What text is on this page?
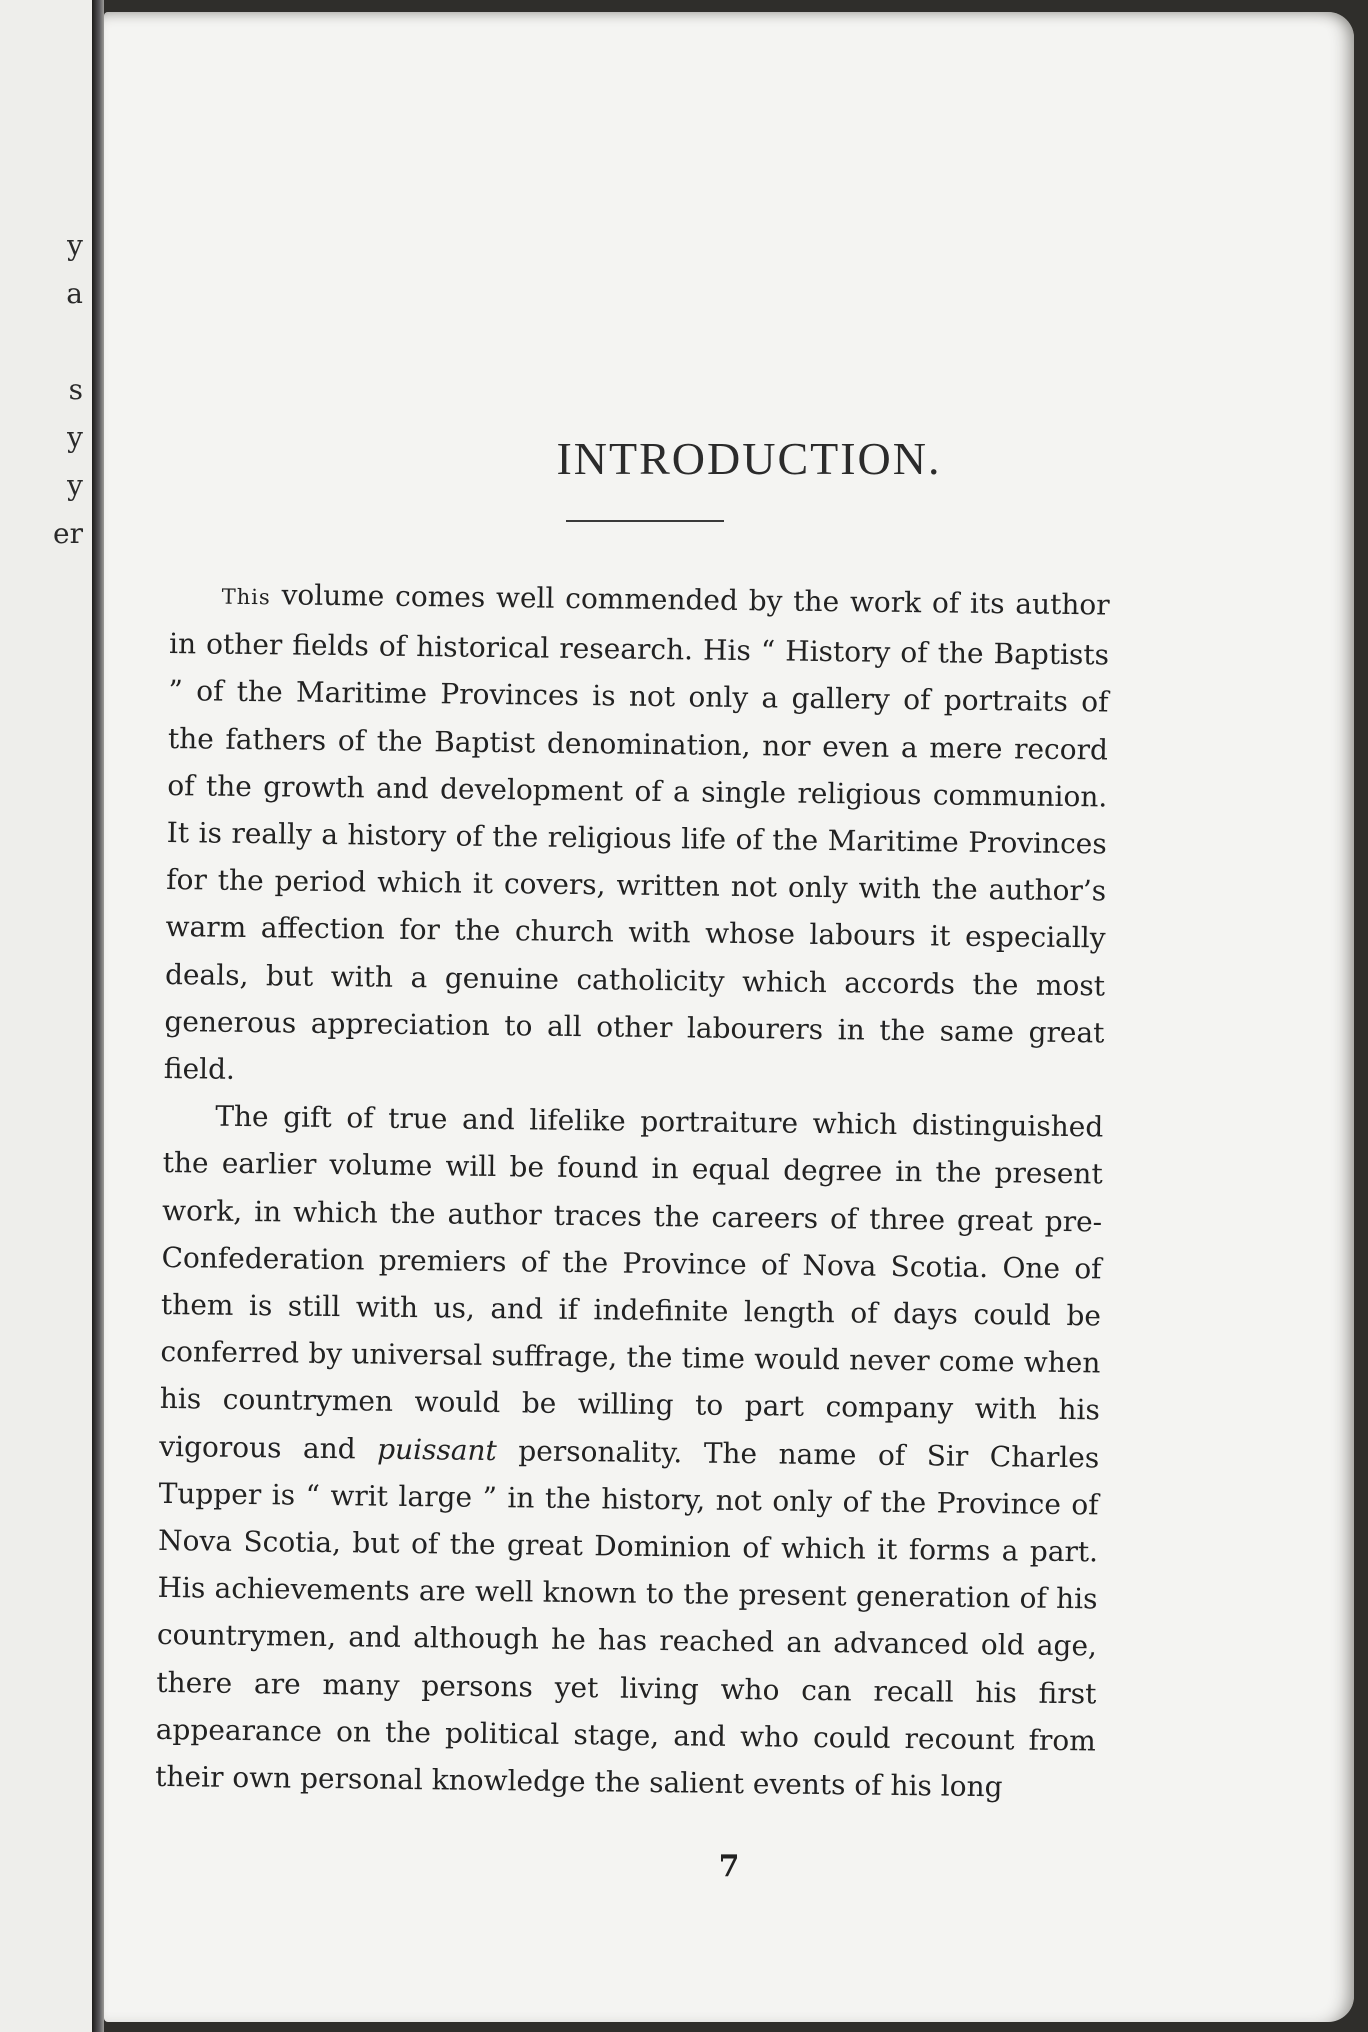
y
a

s
y
y
er
INTRODUCTION.

This volume comes well commended by the work of its author in other fields of historical research. His “ History of the Baptists ” of the Maritime Provinces is not only a gallery of portraits of the fathers of the Baptist denomination, nor even a mere record of the growth and development of a single religious communion. It is really a history of the religious life of the Maritime Provinces for the period which it covers, written not only with the author’s warm affection for the church with whose labours it especially deals, but with a genuine catholicity which accords the most generous appreciation to all other labourers in the same great field.

The gift of true and lifelike portraiture which distinguished the earlier volume will be found in equal degree in the present work, in which the author traces the careers of three great pre-Confederation premiers of the Province of Nova Scotia. One of them is still with us, and if indefinite length of days could be conferred by universal suffrage, the time would never come when his countrymen would be willing to part company with his vigorous and puissant personality. The name of Sir Charles Tupper is “ writ large ” in the history, not only of the Province of Nova Scotia, but of the great Dominion of which it forms a part. His achievements are well known to the present generation of his countrymen, and although he has reached an advanced old age, there are many persons yet living who can recall his first appearance on the political stage, and who could recount from their own personal knowledge the salient events of his long

7
